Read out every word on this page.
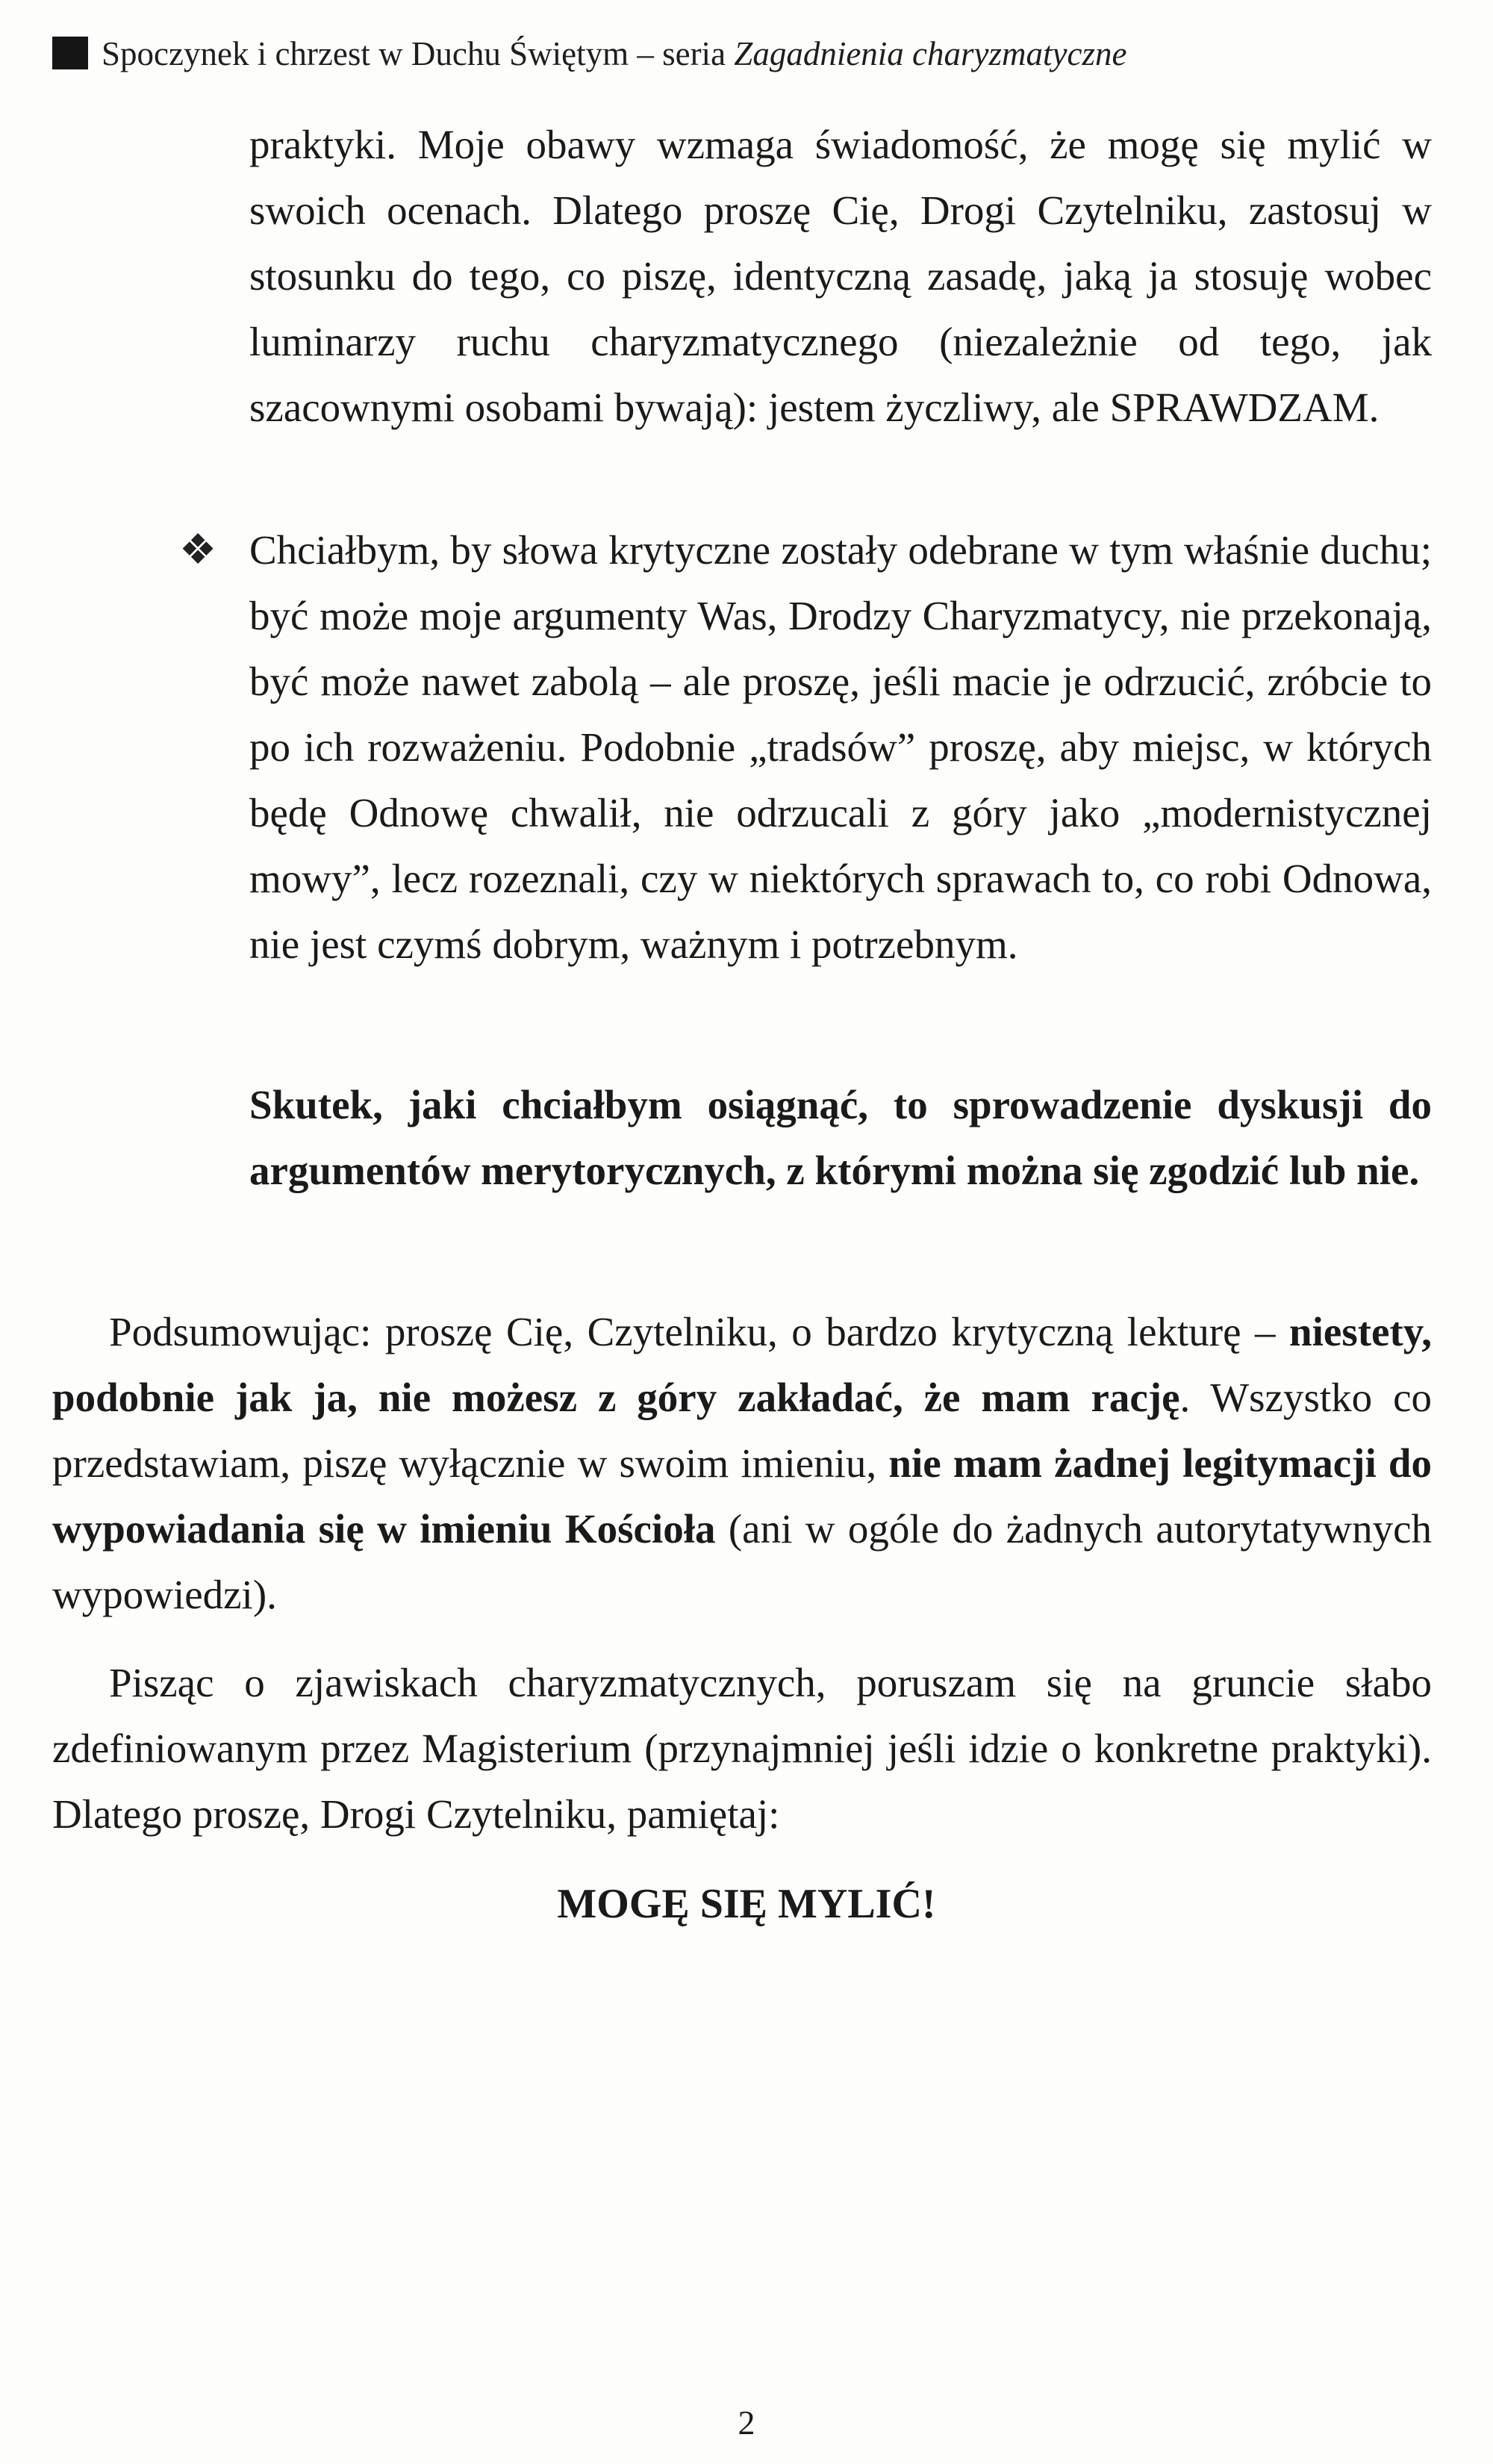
Spoczynek i chrzest w Duchu Świętym – seria Zagadnienia charyzmatyczne
praktyki. Moje obawy wzmaga świadomość, że mogę się mylić w swoich ocenach. Dlatego proszę Cię, Drogi Czytelniku, zastosuj w stosunku do tego, co piszę, identyczną zasadę, jaką ja stosuję wobec luminarzy ruchu charyzmatycznego (niezależnie od tego, jak szacownymi osobami bywają): jestem życzliwy, ale SPRAWDZAM.
❖ Chciałbym, by słowa krytyczne zostały odebrane w tym właśnie duchu; być może moje argumenty Was, Drodzy Charyzmatycy, nie przekonają, być może nawet zabolą – ale proszę, jeśli macie je odrzucić, zróbcie to po ich rozważeniu. Podobnie „tradsów” proszę, aby miejsc, w których będę Odnowę chwalił, nie odrzucali z góry jako „modernistycznej mowy”, lecz rozeznali, czy w niektórych sprawach to, co robi Odnowa, nie jest czymś dobrym, ważnym i potrzebnym.
Skutek, jaki chciałbym osiągnąć, to sprowadzenie dyskusji do argumentów merytorycznych, z którymi można się zgodzić lub nie.
Podsumowując: proszę Cię, Czytelniku, o bardzo krytyczną lekturę – niestety, podobnie jak ja, nie możesz z góry zakładać, że mam rację. Wszystko co przedstawiam, piszę wyłącznie w swoim imieniu, nie mam żadnej legitymacji do wypowiadania się w imieniu Kościoła (ani w ogóle do żadnych autorytatywnych wypowiedzi).
Pisząc o zjawiskach charyzmatycznych, poruszam się na gruncie słabo zdefiniowanym przez Magisterium (przynajmniej jeśli idzie o konkretne praktyki). Dlatego proszę, Drogi Czytelniku, pamiętaj:
MOGĘ SIĘ MYLIĆ!
2
